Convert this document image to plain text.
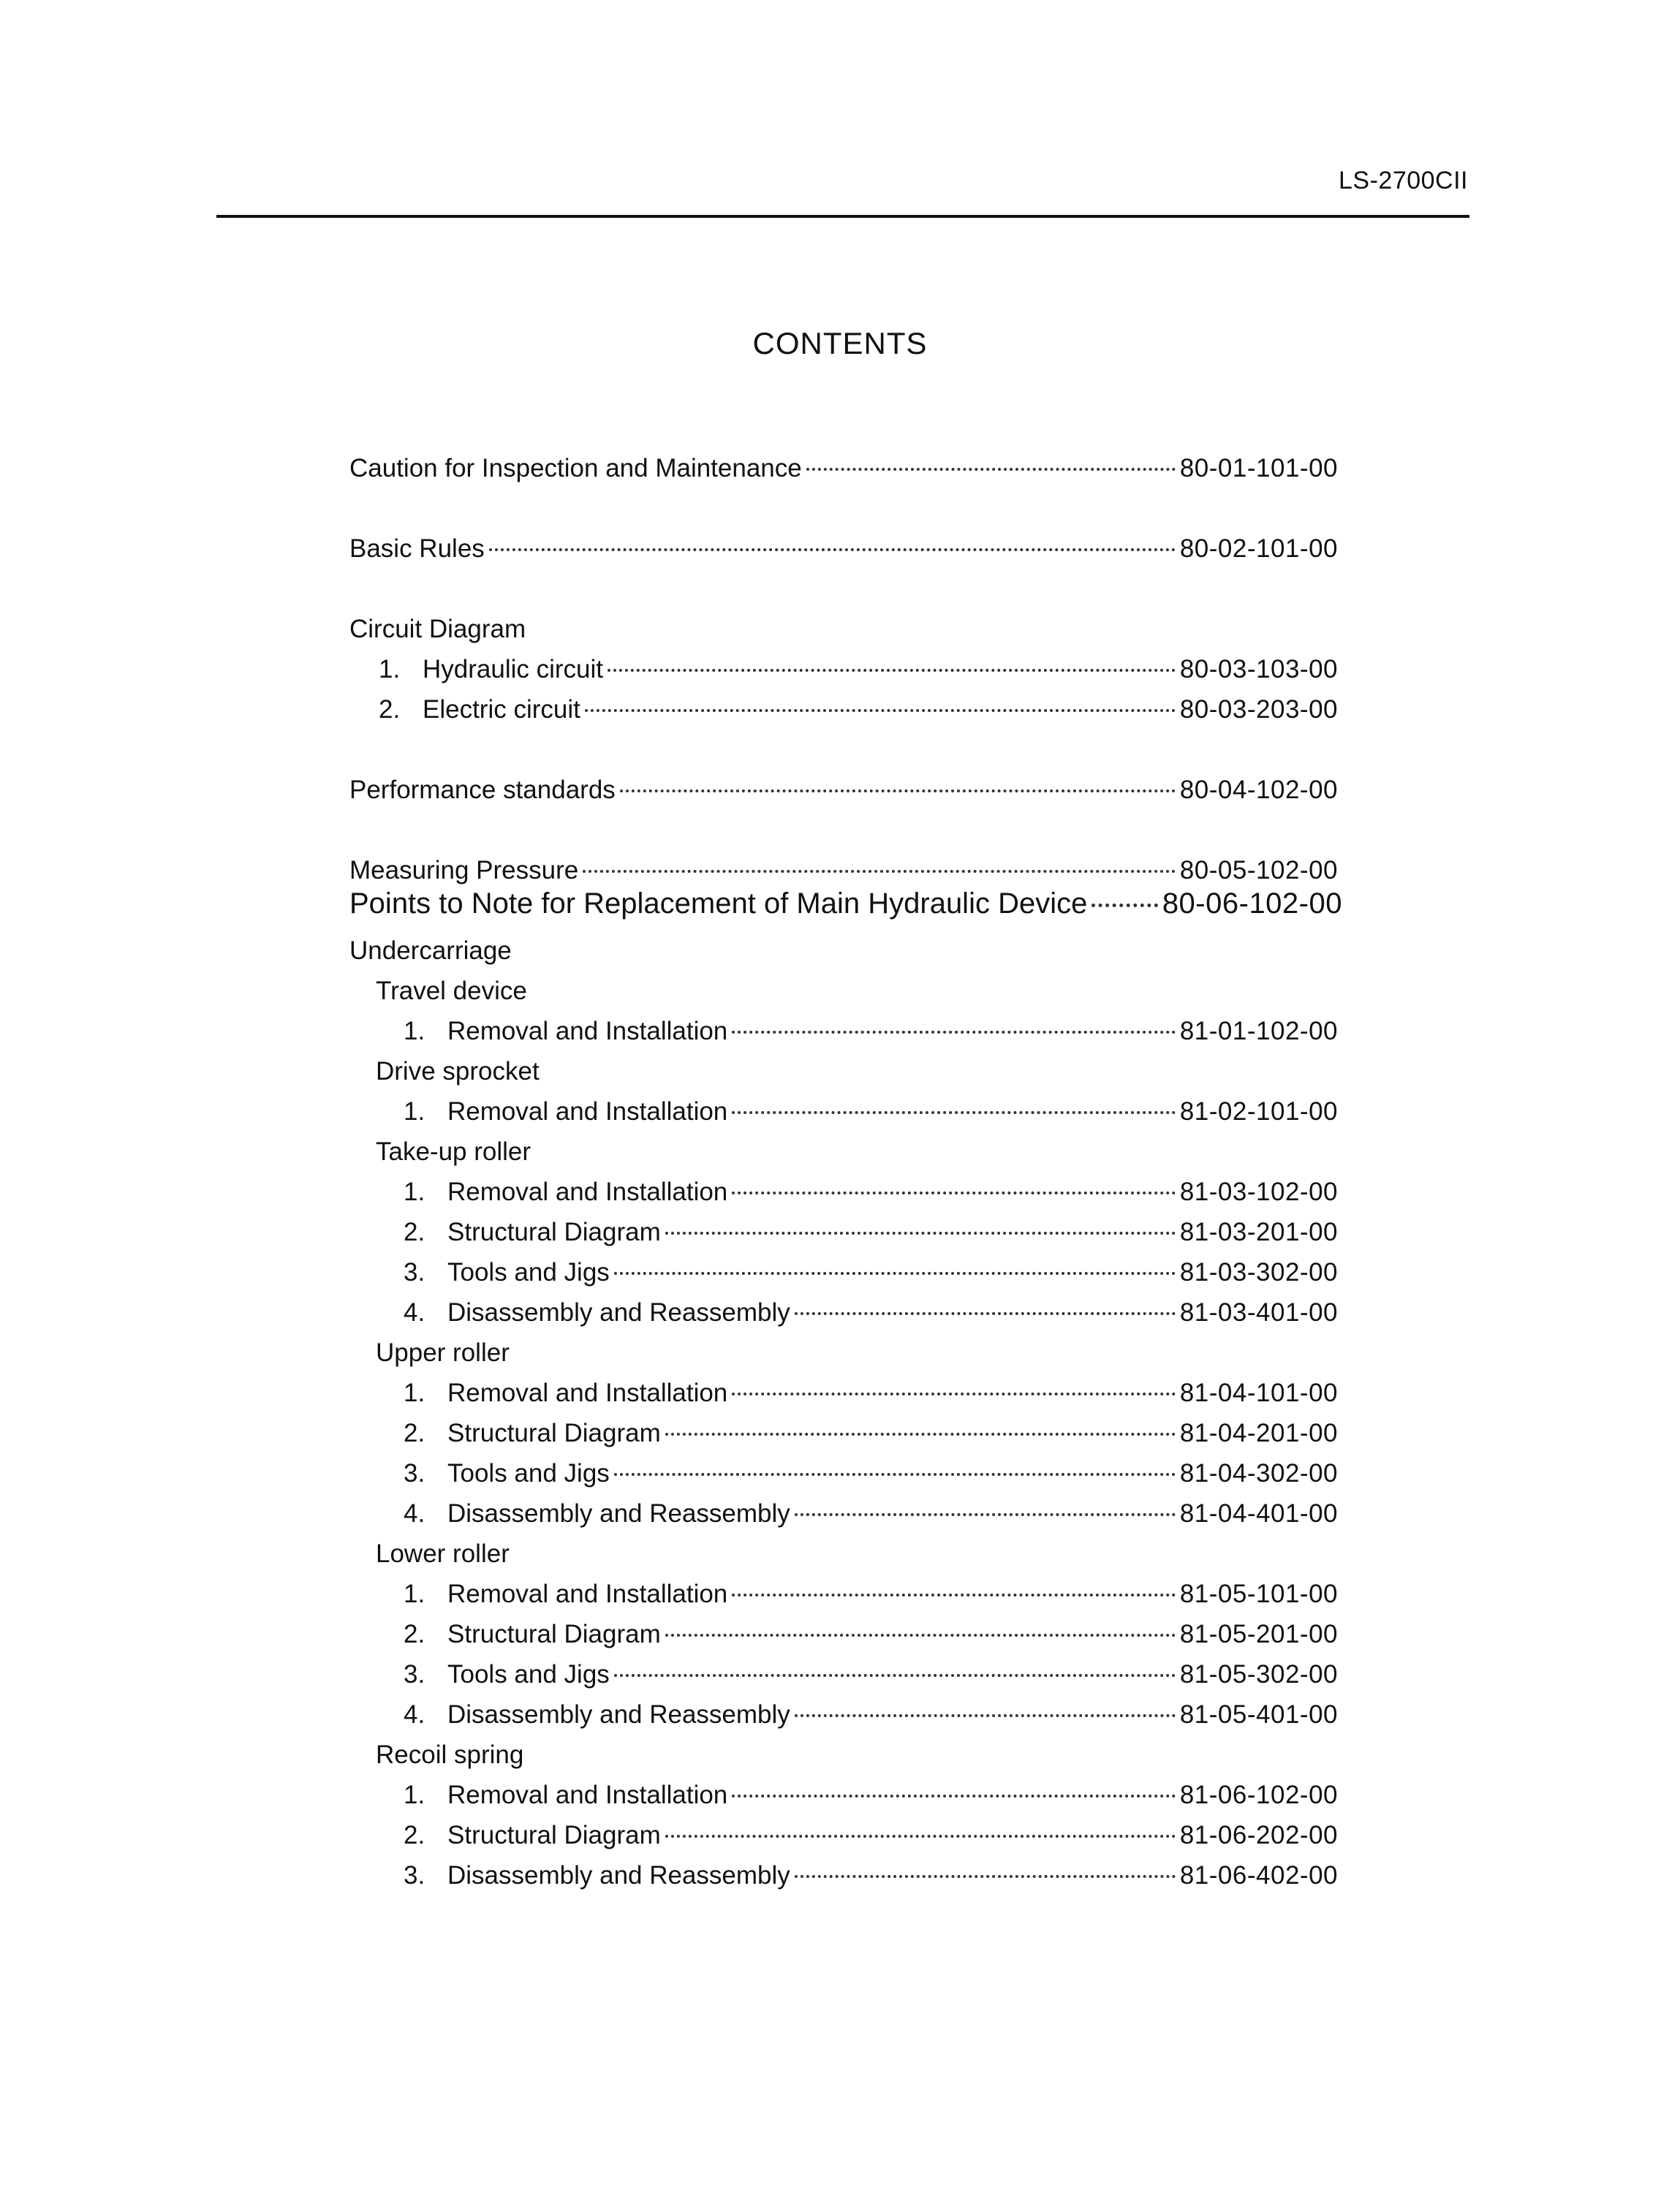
LS-2700CII
CONTENTS
Caution for Inspection and Maintenance	80-01-101-00
Basic Rules	80-02-101-00
Circuit Diagram
1. Hydraulic circuit	80-03-103-00
2. Electric circuit	80-03-203-00
Performance standards	80-04-102-00
Measuring Pressure	80-05-102-00
Points to Note for Replacement of Main Hydraulic Device	80-06-102-00
Undercarriage
Travel device
1. Removal and Installation	81-01-102-00
Drive sprocket
1. Removal and Installation	81-02-101-00
Take-up roller
1. Removal and Installation	81-03-102-00
2. Structural Diagram	81-03-201-00
3. Tools and Jigs	81-03-302-00
4. Disassembly and Reassembly	81-03-401-00
Upper roller
1. Removal and Installation	81-04-101-00
2. Structural Diagram	81-04-201-00
3. Tools and Jigs	81-04-302-00
4. Disassembly and Reassembly	81-04-401-00
Lower roller
1. Removal and Installation	81-05-101-00
2. Structural Diagram	81-05-201-00
3. Tools and Jigs	81-05-302-00
4. Disassembly and Reassembly	81-05-401-00
Recoil spring
1. Removal and Installation	81-06-102-00
2. Structural Diagram	81-06-202-00
3. Disassembly and Reassembly	81-06-402-00
